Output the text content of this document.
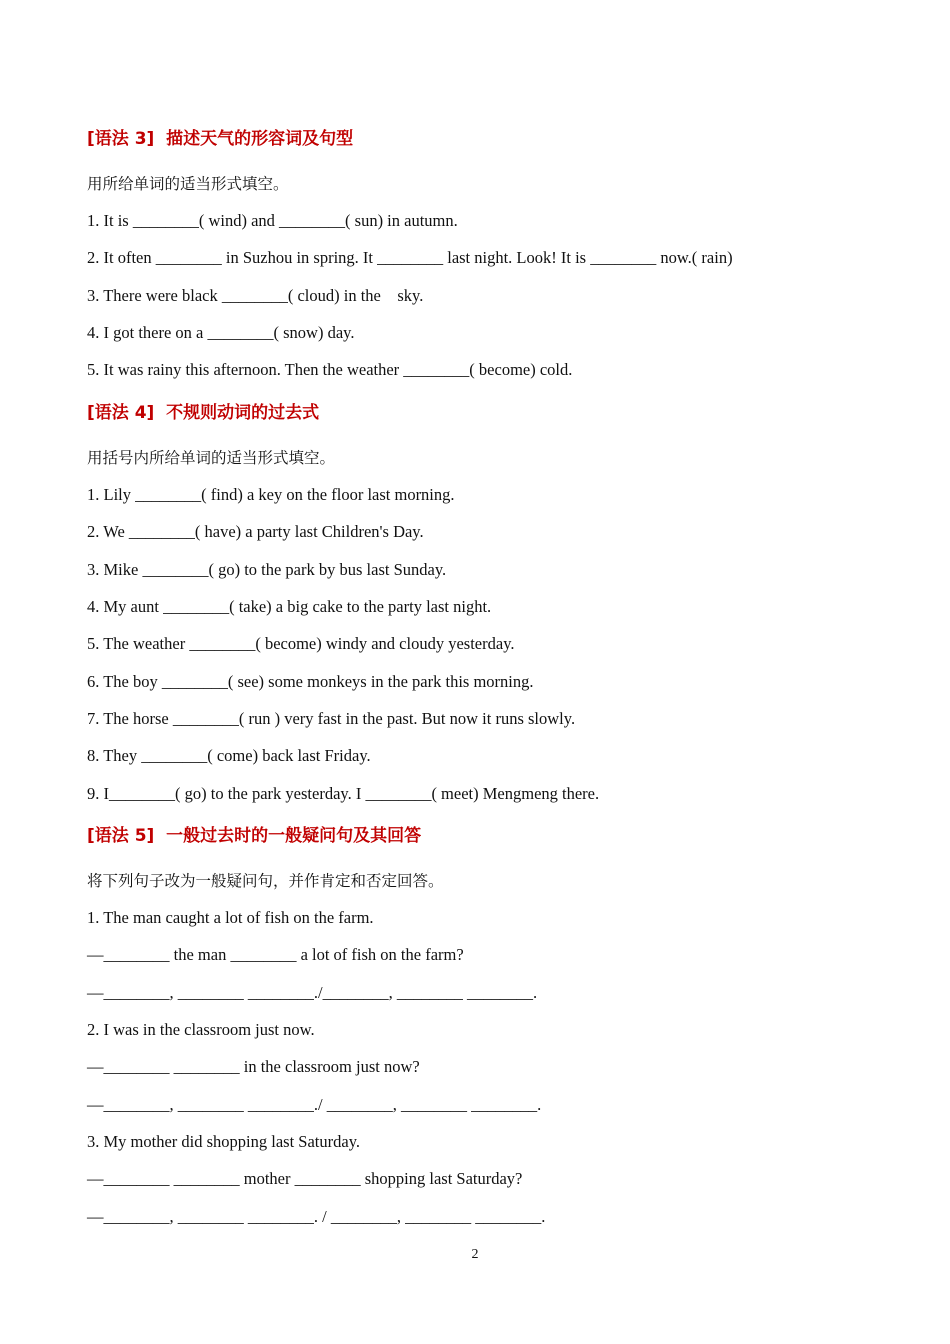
[语法 3]  描述天气的形容词及句型
用所给单词的适当形式填空。
1. It is ________( wind) and ________( sun) in autumn.
2. It often ________ in Suzhou in spring. It ________ last night. Look! It is ________ now.( rain)
3. There were black ________( cloud) in the    sky.
4. I got there on a ________( snow) day.
5. It was rainy this afternoon. Then the weather ________( become) cold.
[语法 4]  不规则动词的过去式
用括号内所给单词的适当形式填空。
1. Lily ________( find) a key on the floor last morning.
2. We ________( have) a party last Children's Day.
3. Mike ________( go) to the park by bus last Sunday.
4. My aunt ________( take) a big cake to the party last night.
5. The weather ________( become) windy and cloudy yesterday.
6. The boy ________( see) some monkeys in the park this morning.
7. The horse ________( run ) very fast in the past. But now it runs slowly.
8. They ________( come) back last Friday.
9. I________( go) to the park yesterday. I ________( meet) Mengmeng there.
[语法 5]  一般过去时的一般疑问句及其回答
将下列句子改为一般疑问句，并作肯定和否定回答。
1. The man caught a lot of fish on the farm.
—________ the man ________ a lot of fish on the farm?
—________, ________ ________./________, ________ ________.
2. I was in the classroom just now.
—________ ________ in the classroom just now?
—________, ________ ________./ ________, ________ ________.
3. My mother did shopping last Saturday.
—________ ________ mother ________ shopping last Saturday?
—________, ________ ________. / ________, ________ ________.
2
